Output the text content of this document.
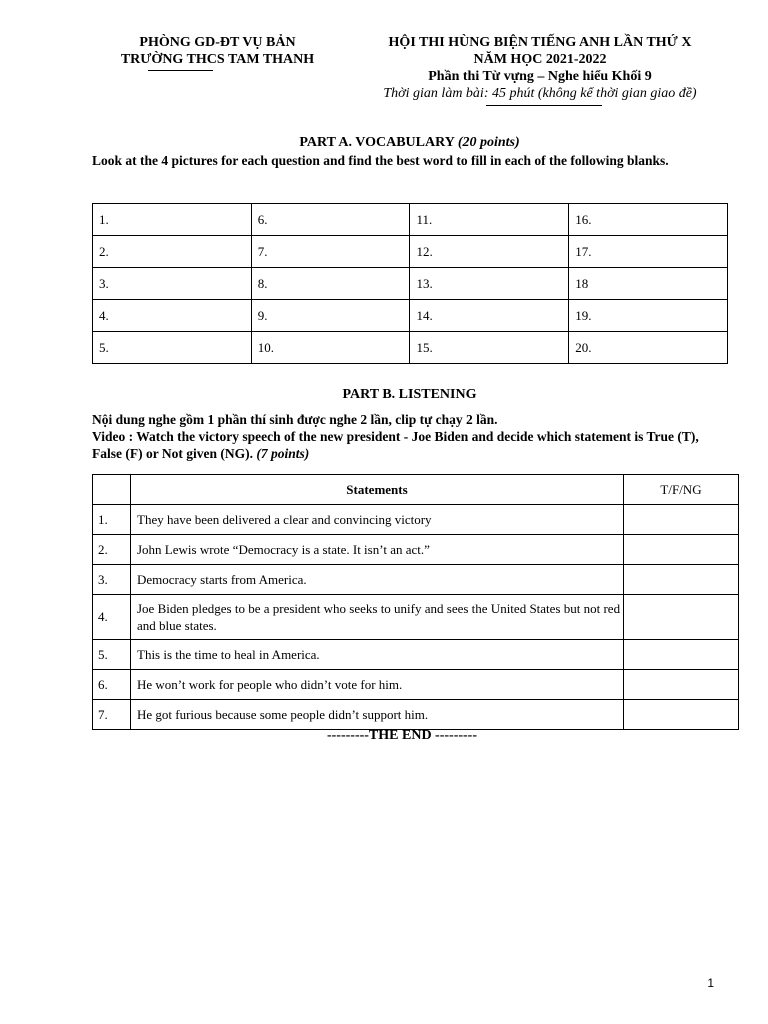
PHÒNG GD-ĐT VỤ BẢN
TRƯỜNG THCS TAM THANH
HỘI THI HÙNG BIỆN TIẾNG ANH LẦN THỨ X
NĂM HỌC 2021-2022
Phần thi Từ vựng – Nghe hiểu Khối 9
Thời gian làm bài: 45 phút (không kể thời gian giao đề)
PART A. VOCABULARY (20 points)
Look at the 4 pictures for each question and find the best word to fill in each of the following blanks.
1.	6.	11.	16.
2.	7.	12.	17.
3.	8.	13.	18
4.	9.	14.	19.
5.	10.	15.	20.
PART B. LISTENING
Nội dung nghe gồm 1 phần thí sinh được nghe 2 lần, clip tự chạy 2 lần.
Video : Watch the victory speech of the new president - Joe Biden and decide which statement is True (T), False (F) or Not given (NG). (7 points)
	Statements	T/F/NG
1.	They have been delivered a clear and convincing victory	
2.	John Lewis wrote “Democracy is a state. It isn’t an act.”	
3.	Democracy starts from America.	
4.	Joe Biden pledges to be a president who seeks to unify and sees the United States but not red and blue states.	
5.	This is the time to heal in America.	
6.	He won’t work for people who didn’t vote for him.	
7.	He got furious because some people didn’t support him.	
---------THE END ---------
1
